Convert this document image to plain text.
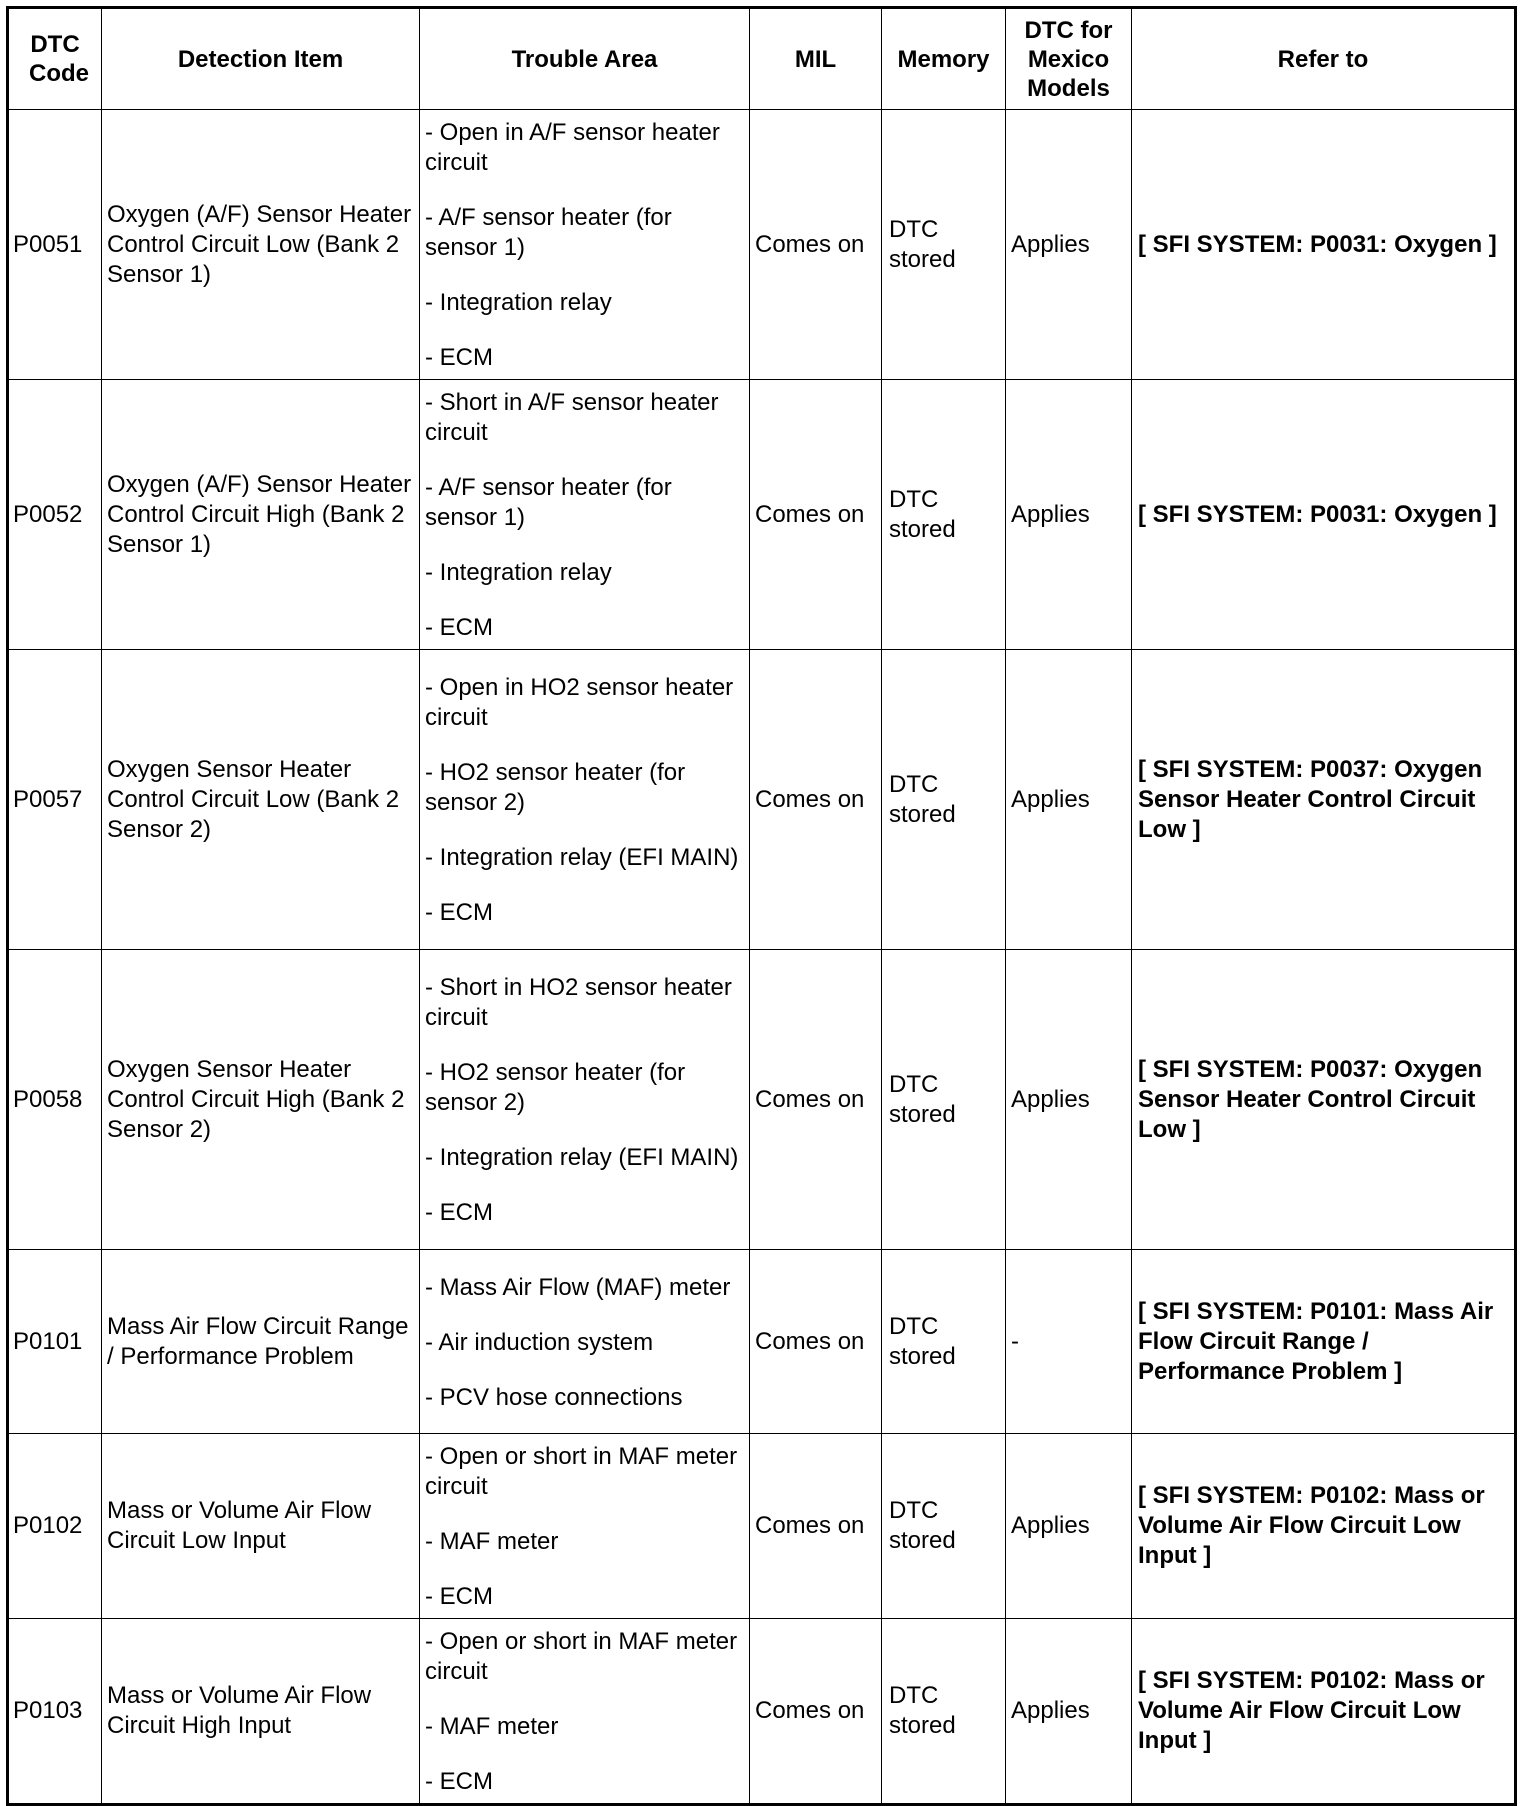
DTC Code	Detection Item	Trouble Area	MIL	Memory	DTC for Mexico Models	Refer to
P0051	Oxygen (A/F) Sensor Heater Control Circuit Low (Bank 2 Sensor 1)	- Open in A/F sensor heater circuit
- A/F sensor heater (for sensor 1)
- Integration relay
- ECM	Comes on	DTC stored	Applies	[ SFI SYSTEM: P0031: Oxygen ]
P0052	Oxygen (A/F) Sensor Heater Control Circuit High (Bank 2 Sensor 1)	- Short in A/F sensor heater circuit
- A/F sensor heater (for sensor 1)
- Integration relay
- ECM	Comes on	DTC stored	Applies	[ SFI SYSTEM: P0031: Oxygen ]
P0057	Oxygen Sensor Heater Control Circuit Low (Bank 2 Sensor 2)	- Open in HO2 sensor heater circuit
- HO2 sensor heater (for sensor 2)
- Integration relay (EFI MAIN)
- ECM	Comes on	DTC stored	Applies	[ SFI SYSTEM: P0037: Oxygen Sensor Heater Control Circuit Low ]
P0058	Oxygen Sensor Heater Control Circuit High (Bank 2 Sensor 2)	- Short in HO2 sensor heater circuit
- HO2 sensor heater (for sensor 2)
- Integration relay (EFI MAIN)
- ECM	Comes on	DTC stored	Applies	[ SFI SYSTEM: P0037: Oxygen Sensor Heater Control Circuit Low ]
P0101	Mass Air Flow Circuit Range / Performance Problem	- Mass Air Flow (MAF) meter
- Air induction system
- PCV hose connections	Comes on	DTC stored	-	[ SFI SYSTEM: P0101: Mass Air Flow Circuit Range / Performance Problem ]
P0102	Mass or Volume Air Flow Circuit Low Input	- Open or short in MAF meter circuit
- MAF meter
- ECM	Comes on	DTC stored	Applies	[ SFI SYSTEM: P0102: Mass or Volume Air Flow Circuit Low Input ]
P0103	Mass or Volume Air Flow Circuit High Input	- Open or short in MAF meter circuit
- MAF meter
- ECM	Comes on	DTC stored	Applies	[ SFI SYSTEM: P0102: Mass or Volume Air Flow Circuit Low Input ]
